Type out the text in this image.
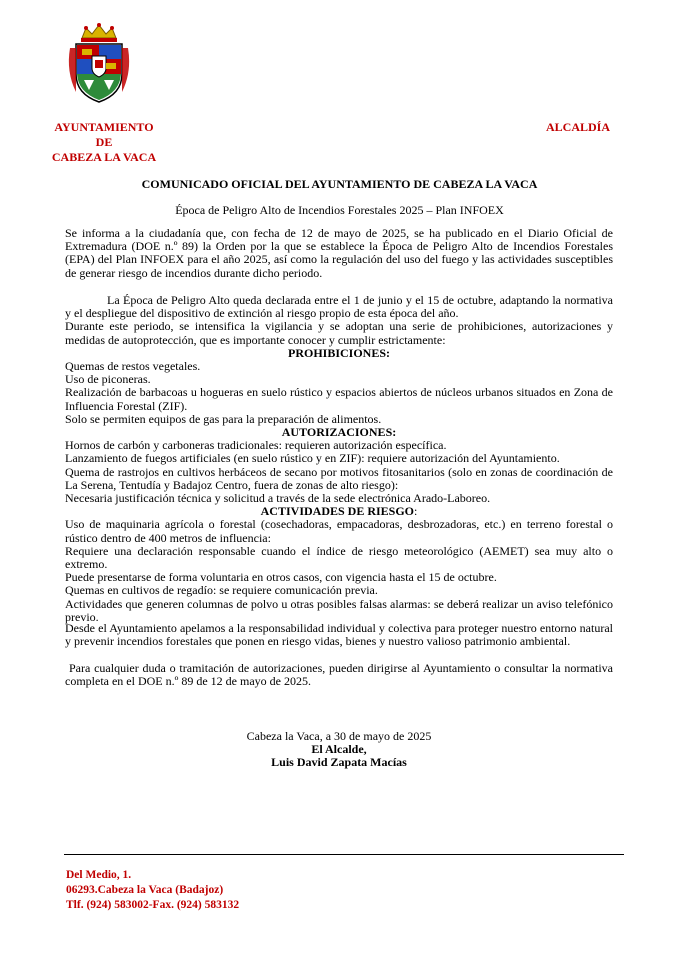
AYUNTAMIENTO
DE
CABEZA LA VACA
ALCALDÍA
COMUNICADO OFICIAL DEL AYUNTAMIENTO DE CABEZA LA VACA
Época de Peligro Alto de Incendios Forestales 2025 – Plan INFOEX

Se informa a la ciudadanía que, con fecha de 12 de mayo de 2025, se ha publicado en el Diario Oficial de Extremadura (DOE n.º 89) la Orden por la que se establece la Época de Peligro Alto de Incendios Forestales (EPA) del Plan INFOEX para el año 2025, así como la regulación del uso del fuego y las actividades susceptibles de generar riesgo de incendios durante dicho periodo.

La Época de Peligro Alto queda declarada entre el 1 de junio y el 15 de octubre, adaptando la normativa y el despliegue del dispositivo de extinción al riesgo propio de esta época del año.

Durante este periodo, se intensifica la vigilancia y se adoptan una serie de prohibiciones, autorizaciones y medidas de autoprotección, que es importante conocer y cumplir estrictamente:

PROHIBICIONES:

Quemas de restos vegetales.

Uso de piconeras.

Realización de barbacoas u hogueras en suelo rústico y espacios abiertos de núcleos urbanos situados en Zona de Influencia Forestal (ZIF).

Solo se permiten equipos de gas para la preparación de alimentos.

AUTORIZACIONES:

Hornos de carbón y carboneras tradicionales: requieren autorización específica.

Lanzamiento de fuegos artificiales (en suelo rústico y en ZIF): requiere autorización del Ayuntamiento.

Quema de rastrojos en cultivos herbáceos de secano por motivos fitosanitarios (solo en zonas de coordinación de La Serena, Tentudía y Badajoz Centro, fuera de zonas de alto riesgo):

Necesaria justificación técnica y solicitud a través de la sede electrónica Arado-Laboreo.

ACTIVIDADES DE RIESGO:

Uso de maquinaria agrícola o forestal (cosechadoras, empacadoras, desbrozadoras, etc.) en terreno forestal o rústico dentro de 400 metros de influencia:

Requiere una declaración responsable cuando el índice de riesgo meteorológico (AEMET) sea muy alto o extremo.

Puede presentarse de forma voluntaria en otros casos, con vigencia hasta el 15 de octubre.

Quemas en cultivos de regadío: se requiere comunicación previa.

Actividades que generen columnas de polvo u otras posibles falsas alarmas: se deberá realizar un aviso telefónico previo.

Desde el Ayuntamiento apelamos a la responsabilidad individual y colectiva para proteger nuestro entorno natural y prevenir incendios forestales que ponen en riesgo vidas, bienes y nuestro valioso patrimonio ambiental.

Para cualquier duda o tramitación de autorizaciones, pueden dirigirse al Ayuntamiento o consultar la normativa completa en el DOE n.º 89 de 12 de mayo de 2025.

Cabeza la Vaca, a 30 de mayo de 2025

El Alcalde,

Luis David Zapata Macías

Del Medio, 1.
06293.Cabeza la Vaca (Badajoz)
Tlf. (924) 583002-Fax. (924) 583132
